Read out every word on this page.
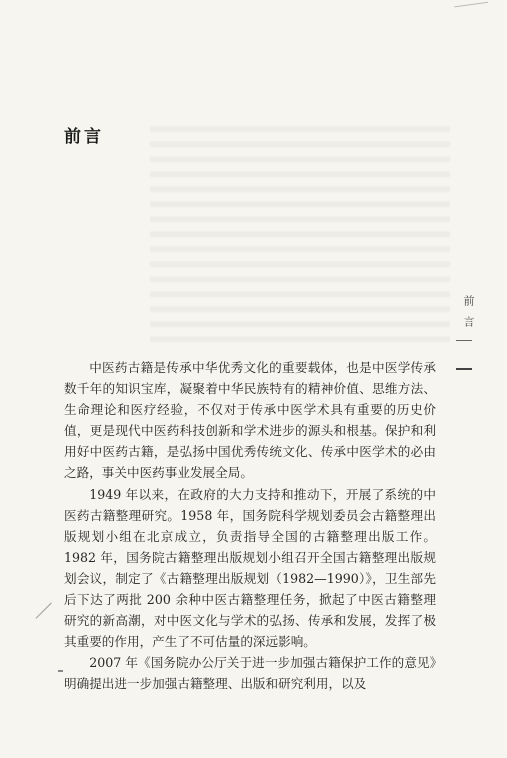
前言
前言

中医药古籍是传承中华优秀文化的重要载体，也是中医学传承数千年的知识宝库，凝聚着中华民族特有的精神价值、思维方法、生命理论和医疗经验，不仅对于传承中医学术具有重要的历史价值，更是现代中医药科技创新和学术进步的源头和根基。保护和利用好中医药古籍，是弘扬中国优秀传统文化、传承中医学术的必由之路，事关中医药事业发展全局。

1949 年以来，在政府的大力支持和推动下，开展了系统的中医药古籍整理研究。1958 年，国务院科学规划委员会古籍整理出版规划小组在北京成立，负责指导全国的古籍整理出版工作。1982 年，国务院古籍整理出版规划小组召开全国古籍整理出版规划会议，制定了《古籍整理出版规划（1982—1990）》，卫生部先后下达了两批 200 余种中医古籍整理任务，掀起了中医古籍整理研究的新高潮，对中医文化与学术的弘扬、传承和发展，发挥了极其重要的作用，产生了不可估量的深远影响。

2007 年《国务院办公厅关于进一步加强古籍保护工作的意见》明确提出进一步加强古籍整理、出版和研究利用，以及
